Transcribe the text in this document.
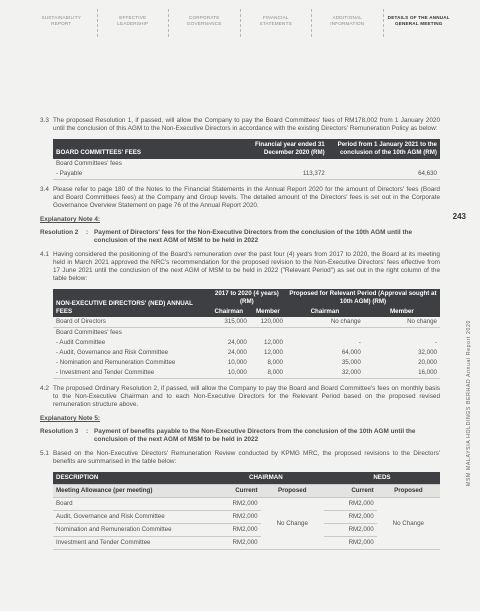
SUSTAINABILITY
REPORT
EFFECTIVE
LEADERSHIP
CORPORATE
GOVERNANCE
FINANCIAL
STATEMENTS
ADDITIONAL
INFORMATION
DETAILS OF THE ANNUAL
GENERAL MEETING
243
MSM MALAYSIA HOLDINGS BERHAD Annual Report 2020
3.3 The proposed Resolution 1, if passed, will allow the Company to pay the Board Committees' fees of RM178,002 from 1 January 2020 until the conclusion of this AGM to the Non-Executive Directors in accordance with the existing Directors' Remuneration Policy as below:
BOARD COMMITTEES' FEES	Financial year ended 31 December 2020 (RM)	Period from 1 January 2021 to the conclusion of the 10th AGM (RM)
Board Committees' fees		
- Payable	113,372	64,630
3.4 Please refer to page 180 of the Notes to the Financial Statements in the Annual Report 2020 for the amount of Directors' fees (Board and Board Committees fees) at the Company and Group levels. The detailed amount of the Directors' fees is set out in the Corporate Governance Overview Statement on page 76 of the Annual Report 2020.
Explanatory Note 4:
Resolution 2	: Payment of Directors' fees for the Non-Executive Directors from the conclusion of the 10th AGM until the conclusion of the next AGM of MSM to be held in 2022
4.1 Having considered the positioning of the Board's remuneration over the past four (4) years from 2017 to 2020, the Board at its meeting held in March 2021 approved the NRC's recommendation for the proposed revision to the Non-Executive Directors' fees effective from 17 June 2021 until the conclusion of the next AGM of MSM to be held in 2022 ("Relevant Period") as set out in the right column of the table below:
NON-EXECUTIVE DIRECTORS' (NED) ANNUAL FEES	2017 to 2020 (4 years) (RM)		Proposed for Relevant Period (Approval sought at 10th AGM) (RM)	
	Chairman	Member	Chairman	Member
Board of Directors	315,000	120,000	No change	No change
Board Committees' fees				
- Audit Committee	24,000	12,000	-	-
- Audit, Governance and Risk Committee	24,000	12,000	64,000	32,000
- Nomination and Remuneration Committee	10,000	8,000	35,000	20,000
- Investment and Tender Committee	10,000	8,000	32,000	16,000
4.2 The proposed Ordinary Resolution 2, if passed, will allow the Company to pay the Board and Board Committee's fees on monthly basis to the Non-Executive Chairman and to each Non-Executive Directors for the Relevant Period based on the proposed revised remuneration structure above.
Explanatory Note 5:
Resolution 3	: Payment of benefits payable to the Non-Executive Directors from the conclusion of the 10th AGM until the conclusion of the next AGM of MSM to be held in 2022
5.1 Based on the Non-Executive Directors' Remuneration Review conducted by KPMG MRC, the proposed revisions to the Directors' benefits are summarised in the table below:
DESCRIPTION	CHAIRMAN		NEDS	
Meeting Allowance (per meeting)	Current	Proposed	Current	Proposed
Board	RM2,000	No Change	RM2,000	No Change
Audit, Governance and Risk Committee	RM2,000		RM2,000	
Nomination and Remuneration Committee	RM2,000		RM2,000	
Investment and Tender Committee	RM2,000		RM2,000	
